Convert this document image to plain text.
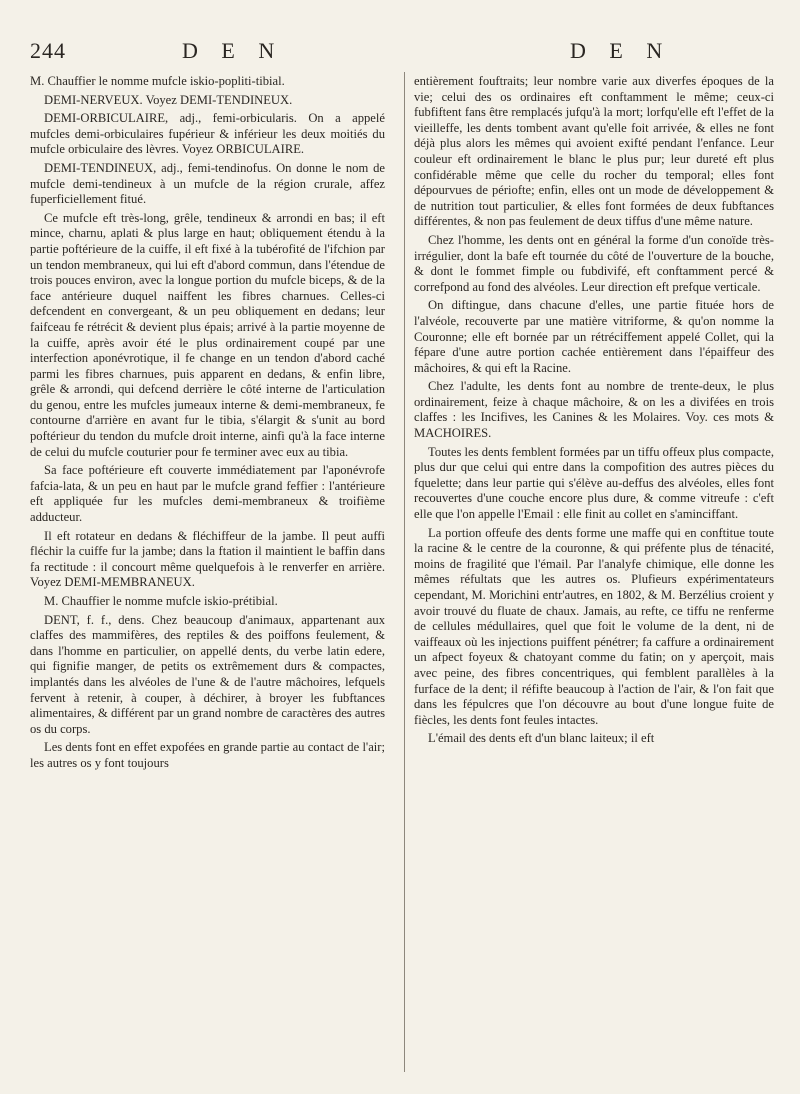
244	D E N	D E N

M. Chauffier le nomme mufcle iskio-popliti-tibial.

DEMI-NERVEUX. Voyez DEMI-TENDINEUX.

DEMI-ORBICULAIRE, adj., femi-orbicularis. On a appelé mufcles demi-orbiculaires fupérieur & inférieur les deux moitiés du mufcle orbiculaire des lèvres. Voyez ORBICULAIRE.

DEMI-TENDINEUX, adj., femi-tendinofus. On donne le nom de mufcle demi-tendineux à un mufcle de la région crurale, affez fuperficiellement fitué.

Ce mufcle eft très-long, grêle, tendineux & arrondi en bas; il eft mince, charnu, aplati & plus large en haut; obliquement étendu à la partie poftérieure de la cuiffe, il eft fixé à la tubérofité de l'ifchion par un tendon membraneux, qui lui eft d'abord commun, dans l'étendue de trois pouces environ, avec la longue portion du mufcle biceps, & de la face antérieure duquel naiffent les fibres charnues. Celles-ci defcendent en convergeant, & un peu obliquement en dedans; leur faifceau fe rétrécit & devient plus épais; arrivé à la partie moyenne de la cuiffe, après avoir été le plus ordinairement coupé par une interfection aponévrotique, il fe change en un tendon d'abord caché parmi les fibres charnues, puis apparent en dedans, & enfin libre, grêle & arrondi, qui defcend derrière le côté interne de l'articulation du genou, entre les mufcles jumeaux interne & demi-membraneux, fe contourne d'arrière en avant fur le tibia, s'élargit & s'unit au bord poftérieur du tendon du mufcle droit interne, ainfi qu'à la face interne de celui du mufcle couturier pour fe terminer avec eux au tibia.

Sa face poftérieure eft couverte immédiatement par l'aponévrofe fafcia-lata, & un peu en haut par le mufcle grand feffier : l'antérieure eft appliquée fur les mufcles demi-membraneux & troifième adducteur.

Il eft rotateur en dedans & fléchiffeur de la jambe. Il peut auffi fléchir la cuiffe fur la jambe; dans la ftation il maintient le baffin dans fa rectitude : il concourt même quelquefois à le renverfer en arrière. Voyez DEMI-MEMBRANEUX.

M. Chauffier le nomme mufcle iskio-prétibial.

DENT, f. f., dens. Chez beaucoup d'animaux, appartenant aux claffes des mammifères, des reptiles & des poiffons feulement, & dans l'homme en particulier, on appellé dents, du verbe latin edere, qui fignifie manger, de petits os extrêmement durs & compactes, implantés dans les alvéoles de l'une & de l'autre mâchoires, lefquels fervent à retenir, à couper, à déchirer, à broyer les fubftances alimentaires, & différent par un grand nombre de caractères des autres os du corps.

Les dents font en effet expofées en grande partie au contact de l'air; les autres os y font toujours

entièrement fouftraits; leur nombre varie aux diverfes époques de la vie; celui des os ordinaires eft conftamment le même; ceux-ci fubfiftent fans être remplacés jufqu'à la mort; lorfqu'elle eft l'effet de la vieilleffe, les dents tombent avant qu'elle foit arrivée, & elles ne font déjà plus alors les mêmes qui avoient exifté pendant l'enfance. Leur couleur eft ordinairement le blanc le plus pur; leur dureté eft plus confidérable même que celle du rocher du temporal; elles font dépourvues de périofte; enfin, elles ont un mode de développement & de nutrition tout particulier, & elles font formées de deux fubftances différentes, & non pas feulement de deux tiffus d'une même nature.

Chez l'homme, les dents ont en général la forme d'un conoïde très-irrégulier, dont la bafe eft tournée du côté de l'ouverture de la bouche, & dont le fommet fimple ou fubdivifé, eft conftamment percé & correfpond au fond des alvéoles. Leur direction eft prefque verticale.

On diftingue, dans chacune d'elles, une partie fituée hors de l'alvéole, recouverte par une matière vitriforme, & qu'on nomme la Couronne; elle eft bornée par un rétréciffement appelé Collet, qui la fépare d'une autre portion cachée entièrement dans l'épaiffeur des mâchoires, & qui eft la Racine.

Chez l'adulte, les dents font au nombre de trente-deux, le plus ordinairement, feize à chaque mâchoire, & on les a divifées en trois claffes : les Incifives, les Canines & les Molaires. Voy. ces mots & MACHOIRES.

Toutes les dents femblent formées par un tiffu offeux plus compacte, plus dur que celui qui entre dans la compofition des autres pièces du fquelette; dans leur partie qui s'élève au-deffus des alvéoles, elles font recouvertes d'une couche encore plus dure, & comme vitreufe : c'eft elle que l'on appelle l'Email : elle finit au collet en s'aminciffant.

La portion offeufe des dents forme une maffe qui en conftitue toute la racine & le centre de la couronne, & qui préfente plus de ténacité, moins de fragilité que l'émail. Par l'analyfe chimique, elle donne les mêmes réfultats que les autres os. Plufieurs expérimentateurs cependant, M. Morichini entr'autres, en 1802, & M. Berzélius croient y avoir trouvé du fluate de chaux. Jamais, au refte, ce tiffu ne renferme de cellules médullaires, quel que foit le volume de la dent, ni de vaiffeaux où les injections puiffent pénétrer; fa caffure a ordinairement un afpect foyeux & chatoyant comme du fatin; on y aperçoit, mais avec peine, des fibres concentriques, qui femblent parallèles à la furface de la dent; il réfifte beaucoup à l'action de l'air, & l'on fait que dans les fépulcres que l'on découvre au bout d'une longue fuite de fiècles, les dents font feules intactes.

L'émail des dents eft d'un blanc laiteux; il eft
